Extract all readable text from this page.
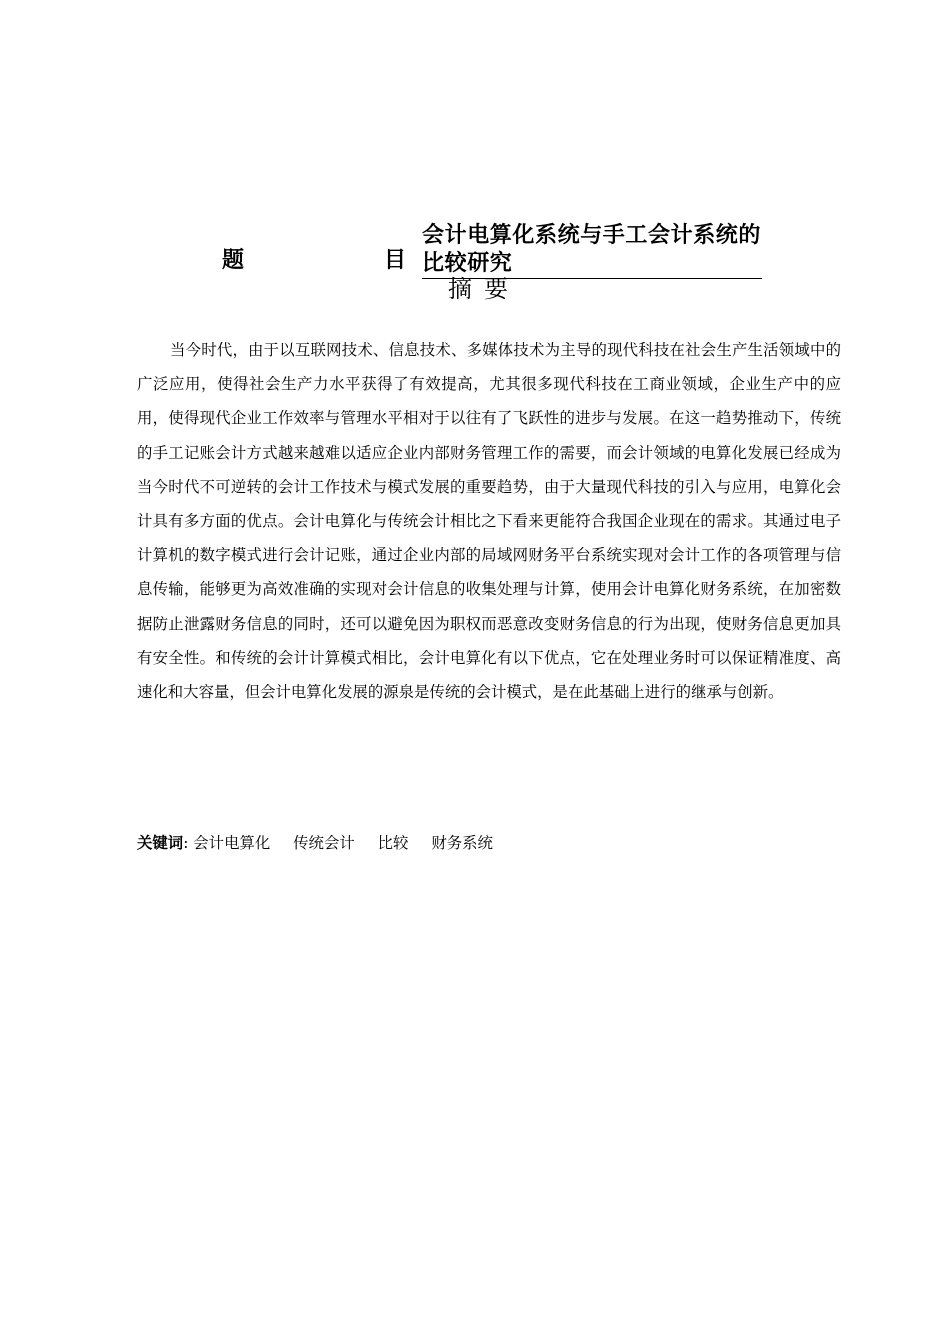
题	目
会计电算化系统与手工会计系统的比较研究
摘要

当今时代，由于以互联网技术、信息技术、多媒体技术为主导的现代科技在社会生产生活领域中的广泛应用，使得社会生产力水平获得了有效提高，尤其很多现代科技在工商业领域，企业生产中的应用，使得现代企业工作效率与管理水平相对于以往有了飞跃性的进步与发展。在这一趋势推动下，传统的手工记账会计方式越来越难以适应企业内部财务管理工作的需要，而会计领域的电算化发展已经成为当今时代不可逆转的会计工作技术与模式发展的重要趋势，由于大量现代科技的引入与应用，电算化会计具有多方面的优点。会计电算化与传统会计相比之下看来更能符合我国企业现在的需求。其通过电子计算机的数字模式进行会计记账，通过企业内部的局域网财务平台系统实现对会计工作的各项管理与信息传输，能够更为高效准确的实现对会计信息的收集处理与计算，使用会计电算化财务系统，在加密数据防止泄露财务信息的同时，还可以避免因为职权而恶意改变财务信息的行为出现，使财务信息更加具有安全性。和传统的会计计算模式相比，会计电算化有以下优点，它在处理业务时可以保证精准度、高速化和大容量，但会计电算化发展的源泉是传统的会计模式，是在此基础上进行的继承与创新。

关键词: 会计电算化 传统会计 比较 财务系统
